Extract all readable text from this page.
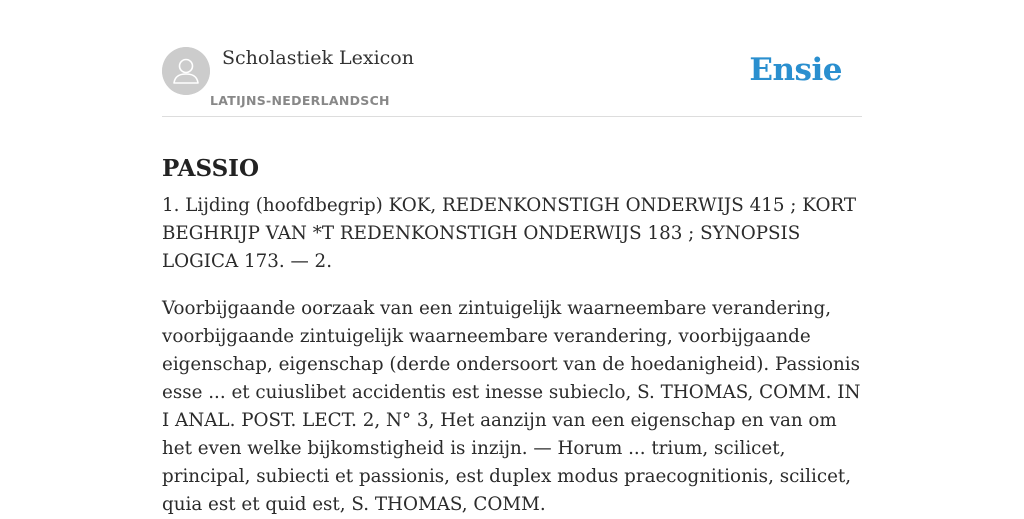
Scholastiek Lexicon
LATIJNS-NEDERLANDSCH
Ensie
PASSIO

1. Lijding (hoofdbegrip) KOK, REDENKONSTIGH ONDERWIJS 415 ; KORT BEGHRIJP VAN *T REDENKONSTIGH ONDERWIJS 183 ; SYNOPSIS LOGICA 173. — 2.

Voorbijgaande oorzaak van een zintuigelijk waarneembare verandering, voorbijgaande zintuigelijk waarneembare verandering, voorbijgaande eigenschap, eigenschap (derde ondersoort van de hoedanigheid). Passionis esse ... et cuiuslibet accidentis est inesse subieclo, S. THOMAS, COMM. IN I ANAL. POST. LECT. 2, N° 3, Het aanzijn van een eigenschap en van om het even welke bijkomstigheid is inzijn. — Horum ... trium, scilicet, principal, subiecti et passionis, est duplex modus praecognitionis, scilicet, quia est et quid est, S. THOMAS, COMM.
